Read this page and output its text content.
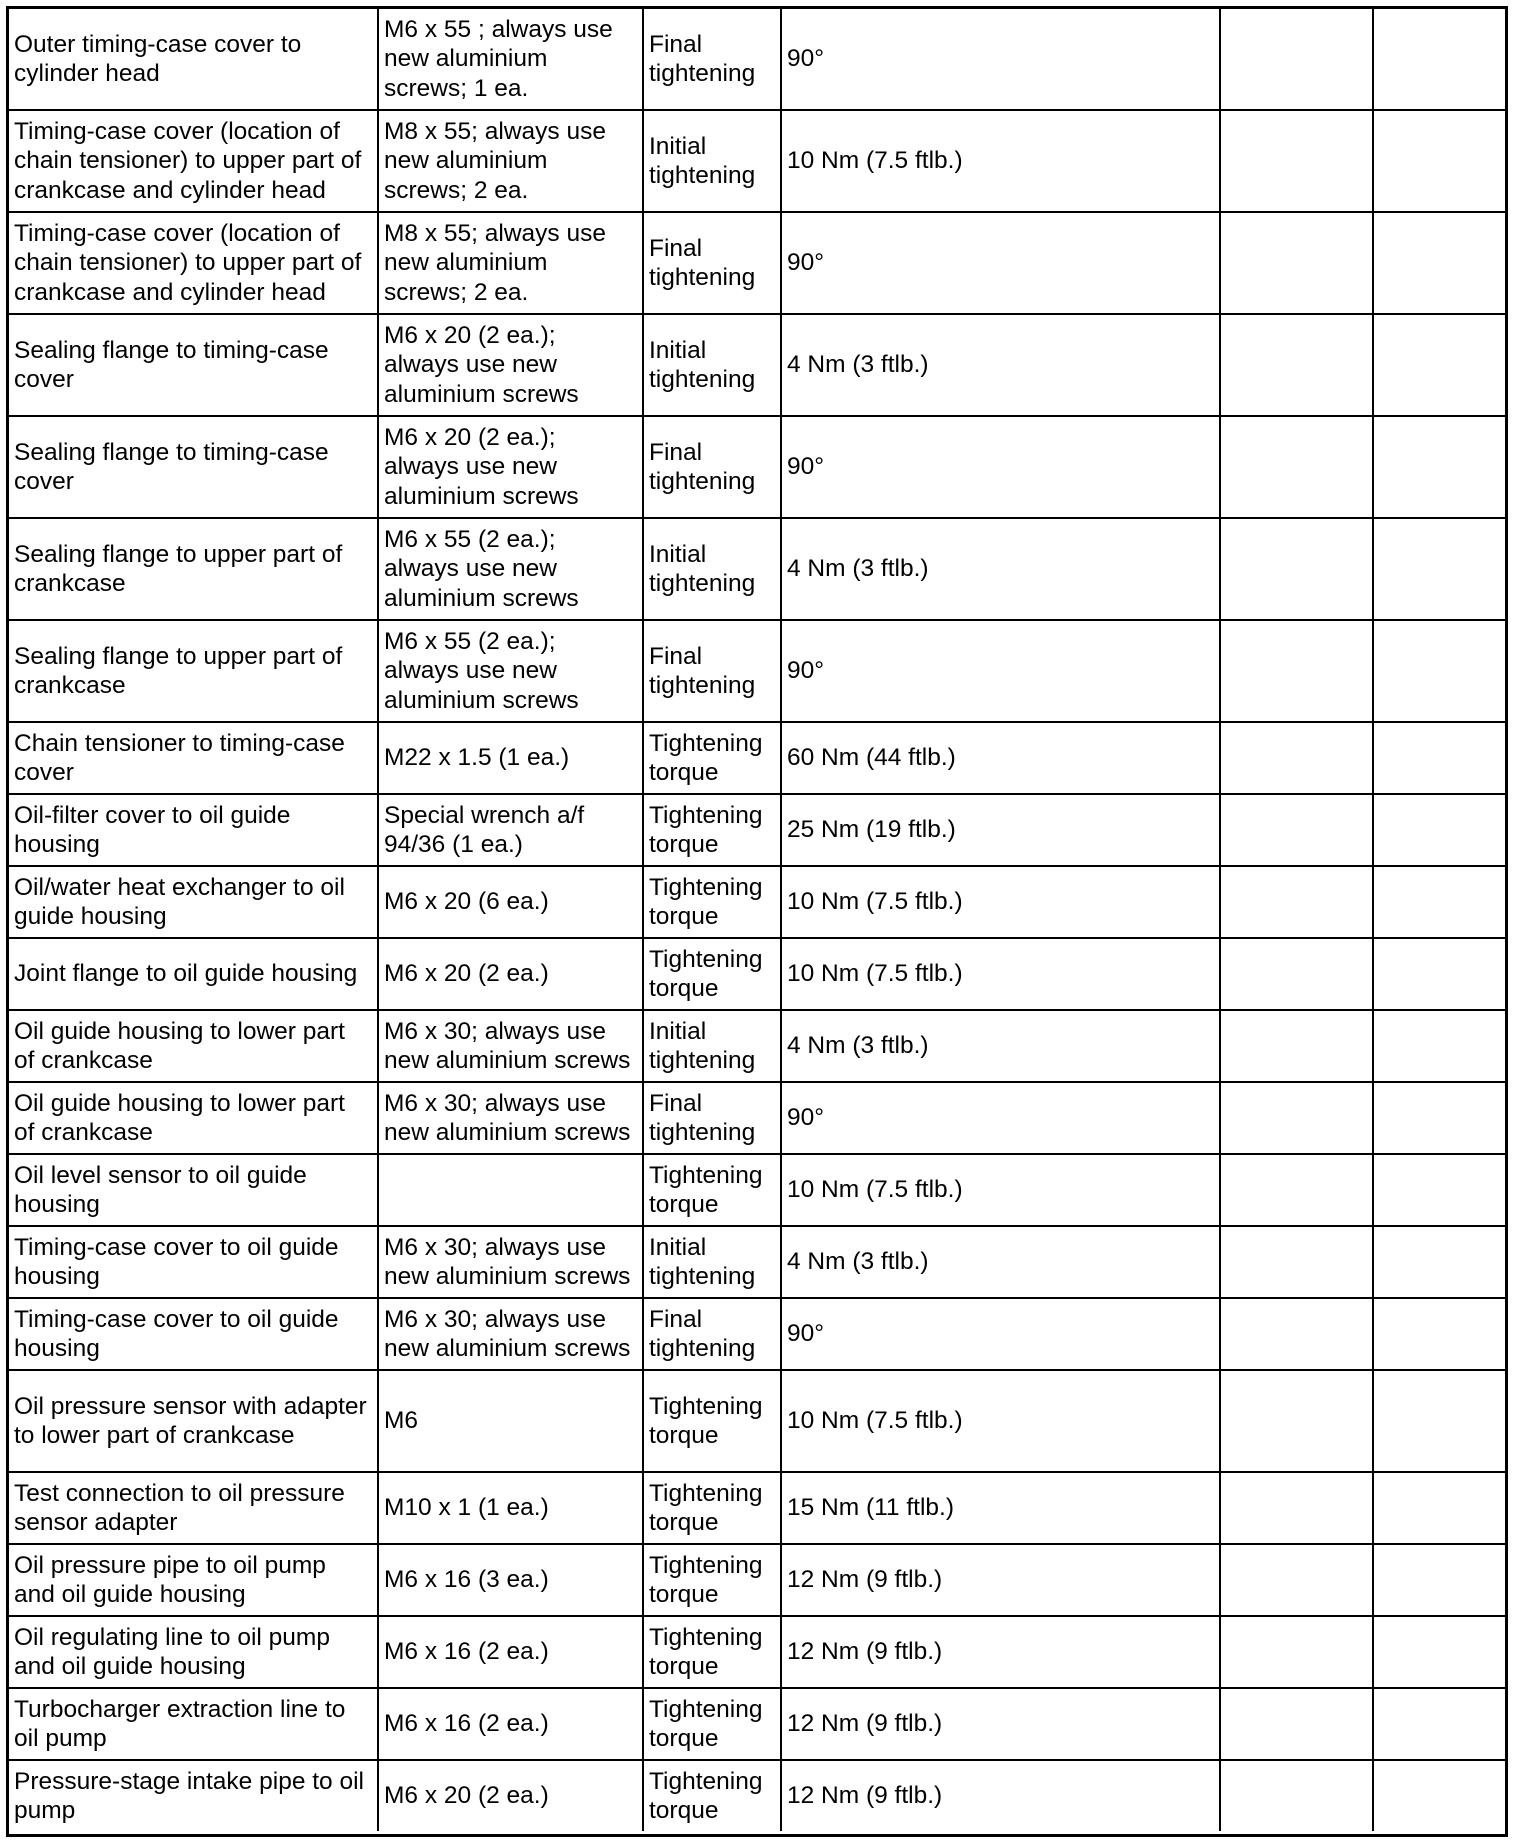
Outer timing-case cover to cylinder head	M6 x 55 ; always use new aluminium screws; 1 ea.	Final tightening	90°		

Timing-case cover (location of chain tensioner) to upper part of crankcase and cylinder head	M8 x 55; always use new aluminium screws; 2 ea.	Initial tightening	10 Nm (7.5 ftlb.)		

Timing-case cover (location of chain tensioner) to upper part of crankcase and cylinder head	M8 x 55; always use new aluminium screws; 2 ea.	Final tightening	90°		

Sealing flange to timing-case cover	M6 x 20 (2 ea.); always use new aluminium screws	Initial tightening	4 Nm (3 ftlb.)		

Sealing flange to timing-case cover	M6 x 20 (2 ea.); always use new aluminium screws	Final tightening	90°		

Sealing flange to upper part of crankcase	M6 x 55 (2 ea.); always use new aluminium screws	Initial tightening	4 Nm (3 ftlb.)		

Sealing flange to upper part of crankcase	M6 x 55 (2 ea.); always use new aluminium screws	Final tightening	90°		

Chain tensioner to timing-case cover	M22 x 1.5 (1 ea.)	Tightening torque	60 Nm (44 ftlb.)		

Oil-filter cover to oil guide housing	Special wrench a/f 94/36 (1 ea.)	Tightening torque	25 Nm (19 ftlb.)		

Oil/water heat exchanger to oil guide housing	M6 x 20 (6 ea.)	Tightening torque	10 Nm (7.5 ftlb.)		

Joint flange to oil guide housing	M6 x 20 (2 ea.)	Tightening torque	10 Nm (7.5 ftlb.)		

Oil guide housing to lower part of crankcase	M6 x 30; always use new aluminium screws	Initial tightening	4 Nm (3 ftlb.)		

Oil guide housing to lower part of crankcase	M6 x 30; always use new aluminium screws	Final tightening	90°		

Oil level sensor to oil guide housing		Tightening torque	10 Nm (7.5 ftlb.)		

Timing-case cover to oil guide housing	M6 x 30; always use new aluminium screws	Initial tightening	4 Nm (3 ftlb.)		

Timing-case cover to oil guide housing	M6 x 30; always use new aluminium screws	Final tightening	90°		

Oil pressure sensor with adapter to lower part of crankcase	M6	Tightening torque	10 Nm (7.5 ftlb.)		

Test connection to oil pressure sensor adapter	M10 x 1 (1 ea.)	Tightening torque	15 Nm (11 ftlb.)		

Oil pressure pipe to oil pump and oil guide housing	M6 x 16 (3 ea.)	Tightening torque	12 Nm (9 ftlb.)		

Oil regulating line to oil pump and oil guide housing	M6 x 16 (2 ea.)	Tightening torque	12 Nm (9 ftlb.)		

Turbocharger extraction line to oil pump	M6 x 16 (2 ea.)	Tightening torque	12 Nm (9 ftlb.)		

Pressure-stage intake pipe to oil pump	M6 x 20 (2 ea.)	Tightening torque	12 Nm (9 ftlb.)		
